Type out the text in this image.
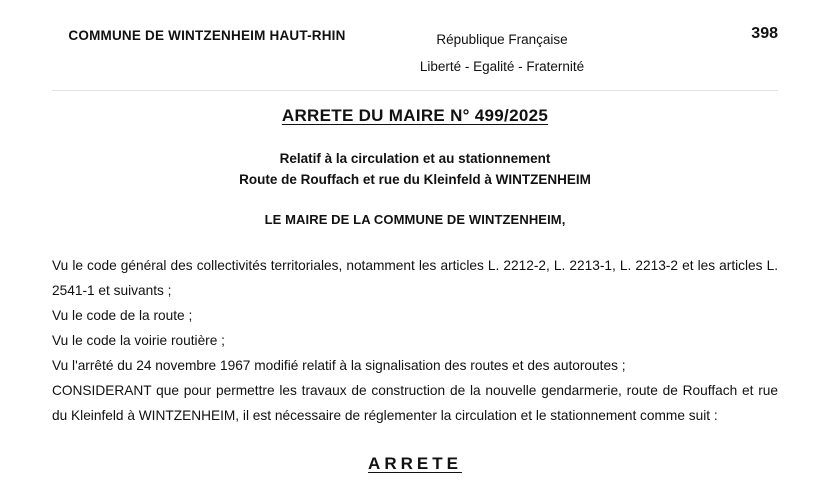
COMMUNE DE WINTZENHEIM HAUT-RHIN	République Française
Liberté - Egalité - Fraternité
398
ARRETE DU MAIRE N° 499/2025
Relatif à la circulation et au stationnement
Route de Rouffach et rue du Kleinfeld à WINTZENHEIM
LE MAIRE DE LA COMMUNE DE WINTZENHEIM,

Vu le code général des collectivités territoriales, notamment les articles L. 2212-2, L. 2213-1, L. 2213-2 et les articles L. 2541-1 et suivants ;

Vu le code de la route ;

Vu le code la voirie routière ;

Vu l'arrêté du 24 novembre 1967 modifié relatif à la signalisation des routes et des autoroutes ;

CONSIDERANT que pour permettre les travaux de construction de la nouvelle gendarmerie, route de Rouffach et rue du Kleinfeld à WINTZENHEIM, il est nécessaire de réglementer la circulation et le stationnement comme suit :

ARRETE
